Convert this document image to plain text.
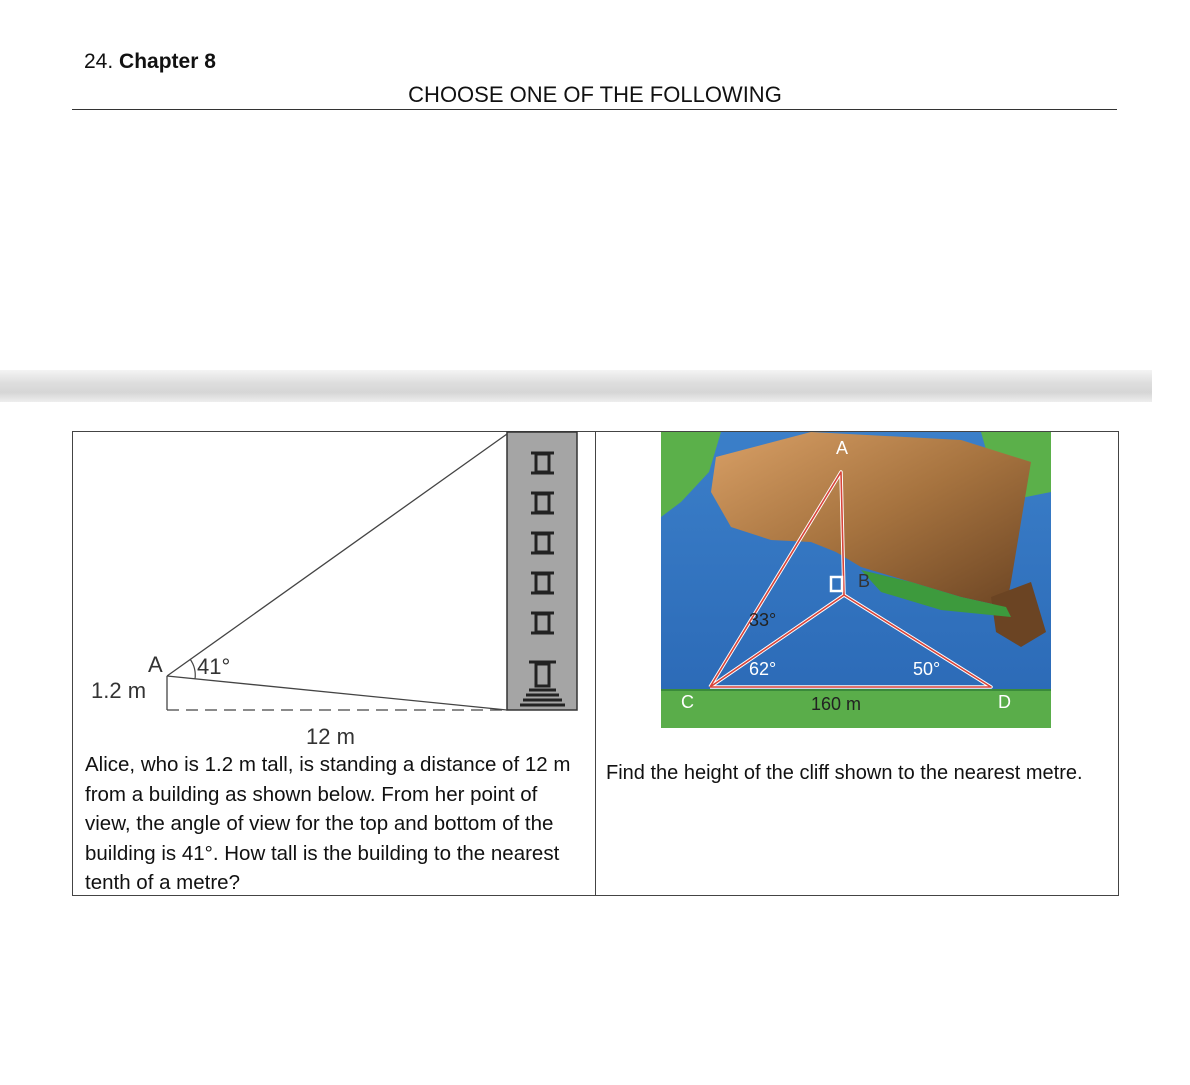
24. Chapter 8
CHOOSE ONE OF THE FOLLOWING
A 41°
1.2 m
12 m
Alice, who is 1.2 m tall, is standing a distance of 12 m from a building as shown below. From her point of view, the angle of view for the top and bottom of the building is 41°. How tall is the building to the nearest tenth of a metre?

A
B
C	D
33°
62°	50°
160 m
Find the height of the cliff shown to the nearest metre.
